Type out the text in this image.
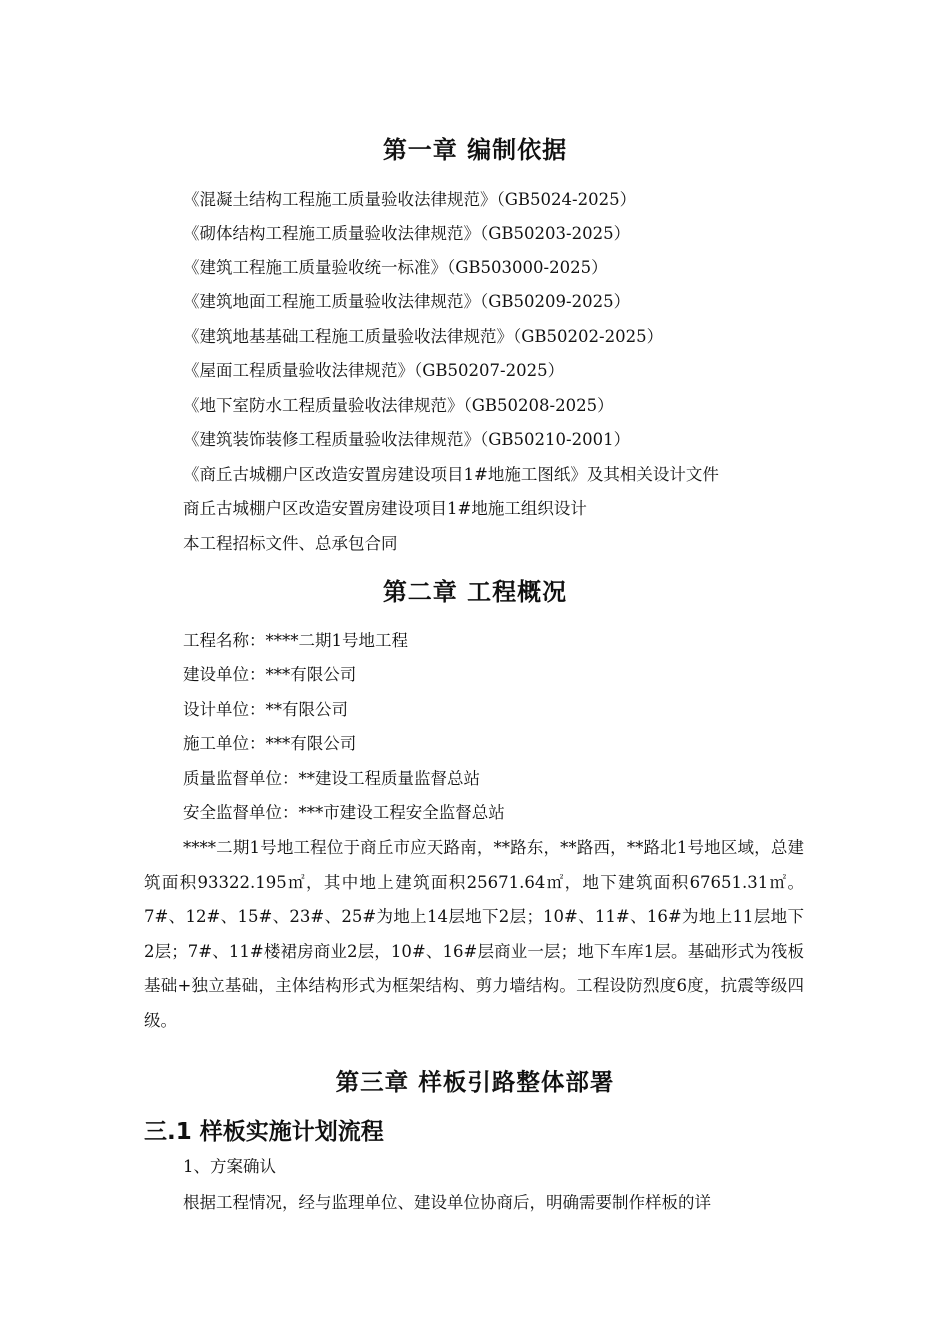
第一章 编制依据
《混凝土结构工程施工质量验收法律规范》（GB5024-2025）
《砌体结构工程施工质量验收法律规范》（GB50203-2025）
《建筑工程施工质量验收统一标准》（GB503000-2025）
《建筑地面工程施工质量验收法律规范》（GB50209-2025）
《建筑地基基础工程施工质量验收法律规范》（GB50202-2025）
《屋面工程质量验收法律规范》（GB50207-2025）
《地下室防水工程质量验收法律规范》（GB50208-2025）
《建筑装饰装修工程质量验收法律规范》（GB50210-2001）
《商丘古城棚户区改造安置房建设项目1#地施工图纸》及其相关设计文件
商丘古城棚户区改造安置房建设项目1#地施工组织设计
本工程招标文件、总承包合同
第二章 工程概况
工程名称：****二期1号地工程
建设单位：***有限公司
设计单位：**有限公司
施工单位：***有限公司
质量监督单位：**建设工程质量监督总站
安全监督单位：***市建设工程安全监督总站
****二期1号地工程位于商丘市应天路南，**路东，**路西，**路北1号地区域，总建筑面积93322.195㎡，其中地上建筑面积25671.64㎡，地下建筑面积67651.31㎡。7#、12#、15#、23#、25#为地上14层地下2层；10#、11#、16#为地上11层地下2层；7#、11#楼裙房商业2层，10#、16#层商业一层；地下车库1层。基础形式为筏板基础+独立基础，主体结构形式为框架结构、剪力墙结构。工程设防烈度6度，抗震等级四级。
第三章 样板引路整体部署
三.1 样板实施计划流程
1、方案确认
根据工程情况，经与监理单位、建设单位协商后，明确需要制作样板的详
